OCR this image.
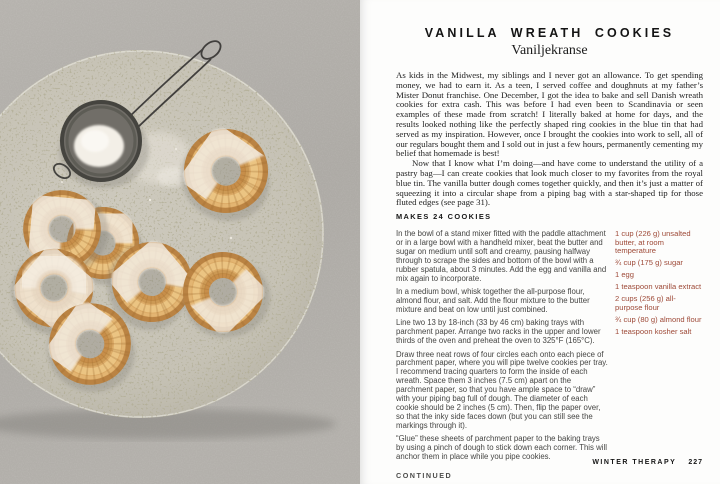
VANILLA WREATH COOKIES
Vaniljekranse

As kids in the Midwest, my siblings and I never got an allowance. To get spending money, we had to earn it. As a teen, I served coffee and doughnuts at my father’s Mister Donut franchise. One December, I got the idea to bake and sell Danish wreath cookies for extra cash. This was before I had even been to Scandinavia or seen examples of these made from scratch! I literally baked at home for days, and the results looked nothing like the perfectly shaped ring cookies in the blue tin that had served as my inspiration. However, once I brought the cookies into work to sell, all of our regulars bought them and I sold out in just a few hours, permanently cementing my belief that homemade is best!

Now that I know what I’m doing—and have come to understand the utility of a pastry bag—I can create cookies that look much closer to my favorites from the royal blue tin. The vanilla butter dough comes together quickly, and then it’s just a matter of squeezing it into a circular shape from a piping bag with a star-shaped tip for those fluted edges (see page 31).

MAKES 24 COOKIES

In the bowl of a stand mixer fitted with the paddle attachment or in a large bowl with a handheld mixer, beat the butter and sugar on medium until soft and creamy, pausing halfway through to scrape the sides and bottom of the bowl with a rubber spatula, about 3 minutes. Add the egg and vanilla and mix again to incorporate.

In a medium bowl, whisk together the all-purpose flour, almond flour, and salt. Add the flour mixture to the butter mixture and beat on low until just combined.

Line two 13 by 18-inch (33 by 46 cm) baking trays with parchment paper. Arrange two racks in the upper and lower thirds of the oven and preheat the oven to 325°F (165°C).

Draw three neat rows of four circles each onto each piece of parchment paper, where you will pipe twelve cookies per tray. I recommend tracing quarters to form the inside of each wreath. Space them 3 inches (7.5 cm) apart on the parchment paper, so that you have ample space to “draw” with your piping bag full of dough. The diameter of each cookie should be 2 inches (5 cm). Then, flip the paper over, so that the inky side faces down (but you can still see the markings through it).

“Glue” these sheets of parchment paper to the baking trays by using a pinch of dough to stick down each corner. This will anchor them in place while you pipe cookies.

CONTINUED

1 cup (226 g) unsalted butter, at room temperature

¾ cup (175 g) sugar

1 egg

1 teaspoon vanilla extract

2 cups (256 g) all-purpose flour

¾ cup (80 g) almond flour

1 teaspoon kosher salt

WINTER THERAPY 227
